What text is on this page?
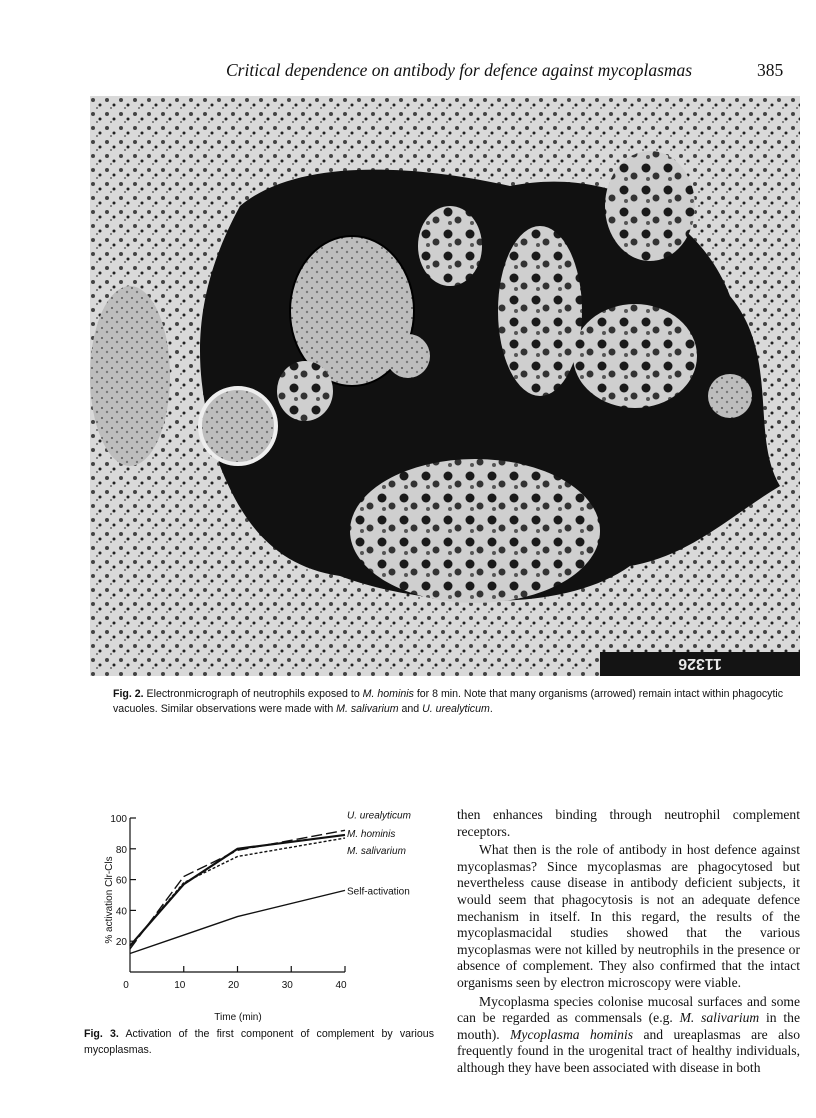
Critical dependence on antibody for defence against mycoplasmas	385
11326
Fig. 2. Electronmicrograph of neutrophils exposed to M. hominis for 8 min. Note that many organisms (arrowed) remain intact within phagocytic vacuoles. Similar observations were made with M. salivarium and U. urealyticum.
0	10	20	30	40
20
40
60
80
100	U. urealyticum
M. hominis
M. salivarium
Self-activation
Time (min)
% activation Clr-Cls
Fig. 3. Activation of the first component of complement by various mycoplasmas.

then enhances binding through neutrophil complement receptors.

What then is the role of antibody in host defence against mycoplasmas? Since mycoplasmas are phagocytosed but nevertheless cause disease in antibody deficient subjects, it would seem that phagocytosis is not an adequate defence mechanism in itself. In this regard, the results of the mycoplasmacidal studies showed that the various mycoplasmas were not killed by neutrophils in the presence or absence of complement. They also confirmed that the intact organisms seen by electron microscopy were viable.

Mycoplasma species colonise mucosal surfaces and some can be regarded as commensals (e.g. M. salivarium in the mouth). Mycoplasma hominis and ureaplasmas are also frequently found in the urogenital tract of healthy individuals, although they have been associated with disease in both
